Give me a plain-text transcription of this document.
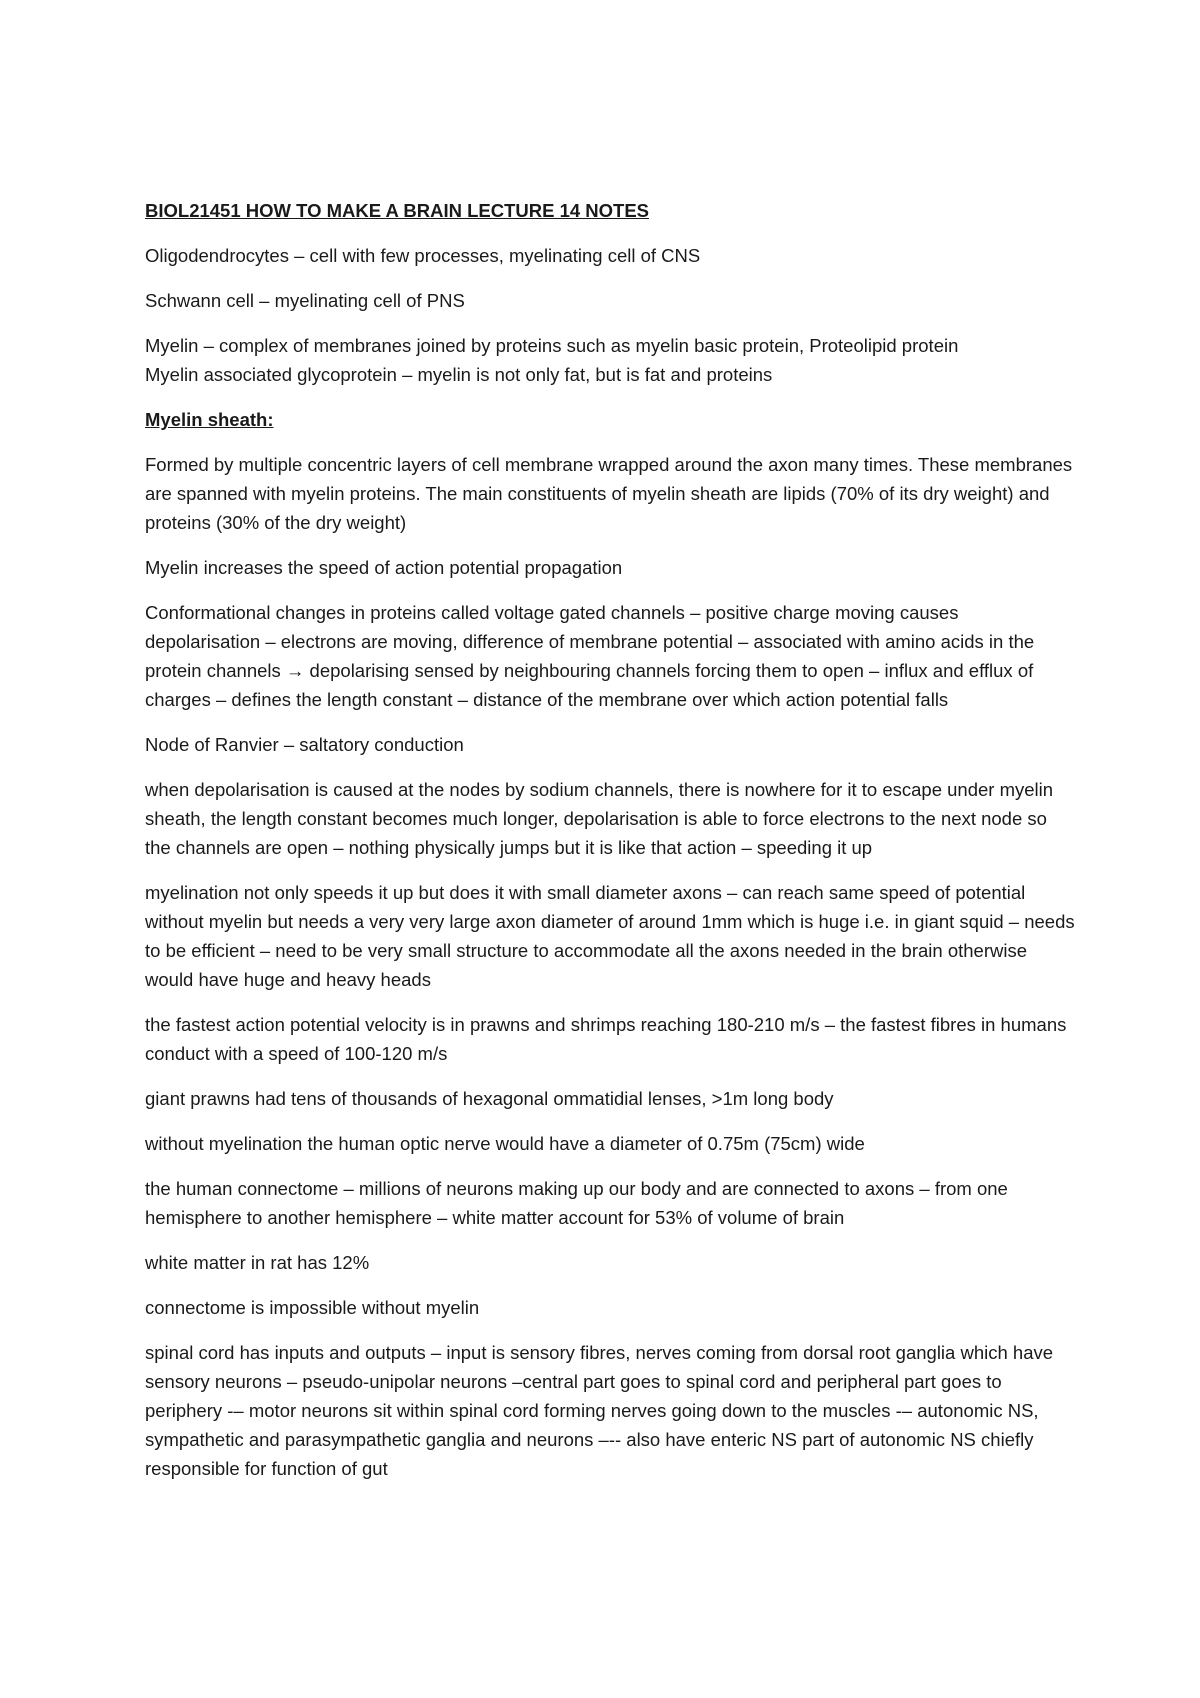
BIOL21451 HOW TO MAKE A BRAIN LECTURE 14 NOTES
Oligodendrocytes – cell with few processes, myelinating cell of CNS
Schwann cell – myelinating cell of PNS
Myelin – complex of membranes joined by proteins such as myelin basic protein, Proteolipid protein
Myelin associated glycoprotein – myelin is not only fat, but is fat and proteins
Myelin sheath:
Formed by multiple concentric layers of cell membrane wrapped around the axon many times. These membranes are spanned with myelin proteins. The main constituents of myelin sheath are lipids (70% of its dry weight) and proteins (30% of the dry weight)
Myelin increases the speed of action potential propagation
Conformational changes in proteins called voltage gated channels – positive charge moving causes depolarisation – electrons are moving, difference of membrane potential – associated with amino acids in the protein channels → depolarising sensed by neighbouring channels forcing them to open – influx and efflux of charges – defines the length constant – distance of the membrane over which action potential falls
Node of Ranvier – saltatory conduction
when depolarisation is caused at the nodes by sodium channels, there is nowhere for it to escape under myelin sheath, the length constant becomes much longer, depolarisation is able to force electrons to the next node so the channels are open – nothing physically jumps but it is like that action – speeding it up
myelination not only speeds it up but does it with small diameter axons – can reach same speed of potential without myelin but needs a very very large axon diameter of around 1mm which is huge i.e. in giant squid – needs to be efficient – need to be very small structure to accommodate all the axons needed in the brain otherwise would have huge and heavy heads
the fastest action potential velocity is in prawns and shrimps reaching 180-210 m/s – the fastest fibres in humans conduct with a speed of 100-120 m/s
giant prawns had tens of thousands of hexagonal ommatidial lenses, >1m long body
without myelination the human optic nerve would have a diameter of 0.75m (75cm) wide
the human connectome – millions of neurons making up our body and are connected to axons – from one hemisphere to another hemisphere – white matter account for 53% of volume of brain
white matter in rat has 12%
connectome is impossible without myelin
spinal cord has inputs and outputs – input is sensory fibres, nerves coming from dorsal root ganglia which have sensory neurons – pseudo-unipolar neurons –central part goes to spinal cord and peripheral part goes to periphery -– motor neurons sit within spinal cord forming nerves going down to the muscles -– autonomic NS, sympathetic and parasympathetic ganglia and neurons –-- also have enteric NS part of autonomic NS chiefly responsible for function of gut
